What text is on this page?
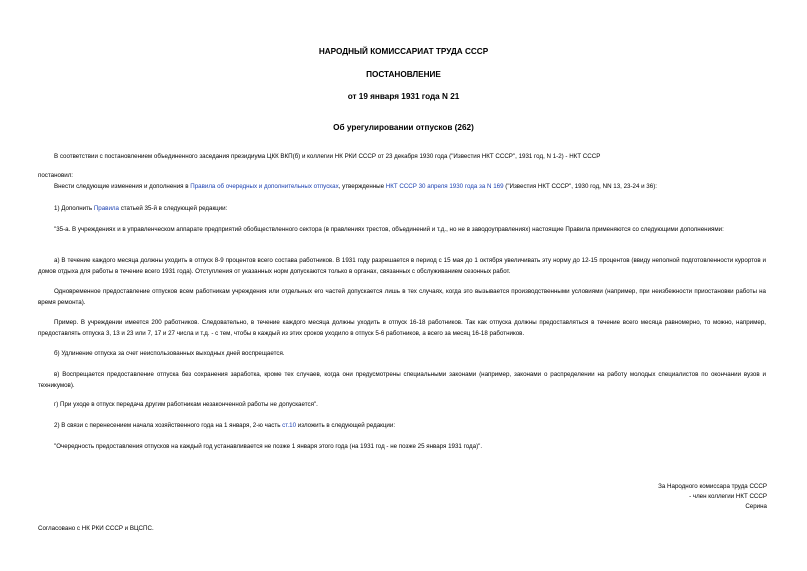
НАРОДНЫЙ КОМИССАРИАТ ТРУДА СССР
ПОСТАНОВЛЕНИЕ
от 19 января 1931 года N 21
Об урегулировании отпусков (262)
В соответствии с постановлением объединенного заседания президиума ЦКК ВКП(б) и коллегии НК РКИ СССР от 23 декабря 1930 года ("Известия НКТ СССР", 1931 год, N 1-2) - НКТ СССР
постановил:
Внести следующие изменения и дополнения в Правила об очередных и дополнительных отпусках, утвержденные НКТ СССР 30 апреля 1930 года за N 169 ("Известия НКТ СССР", 1930 год, NN 13, 23-24 и 36):
1) Дополнить Правила статьей 35-й в следующей редакции:
"35-а. В учреждениях и в управленческом аппарате предприятий обобществленного сектора (в правлениях трестов, объединений и т.д., но не в заводоуправлениях) настоящие Правила применяются со следующими дополнениями:
а) В течение каждого месяца должны уходить в отпуск 8-9 процентов всего состава работников. В 1931 году разрешается в период с 15 мая до 1 октября увеличивать эту норму до 12-15 процентов (ввиду неполной подготовленности курортов и домов отдыха для работы в течение всего 1931 года). Отступления от указанных норм допускаются только в органах, связанных с обслуживанием сезонных работ.
Одновременное предоставление отпусков всем работникам учреждения или отдельных его частей допускается лишь в тех случаях, когда это вызывается производственными условиями (например, при неизбежности приостановки работы на время ремонта).
Пример. В учреждении имеется 200 работников. Следовательно, в течение каждого месяца должны уходить в отпуск 16-18 работников. Так как отпуска должны предоставляться в течение всего месяца равномерно, то можно, например, предоставлять отпуска 3, 13 и 23 или 7, 17 и 27 числа и т.д. - с тем, чтобы в каждый из этих сроков уходило в отпуск 5-6 работников, а всего за месяц 16-18 работников.
б) Удлинение отпуска за счет неиспользованных выходных дней воспрещается.
в) Воспрещается предоставление отпуска без сохранения заработка, кроме тех случаев, когда они предусмотрены специальными законами (например, законами о распределении на работу молодых специалистов по окончании вузов и техникумов).
г) При уходе в отпуск передача другим работникам незаконченной работы не допускается".
2) В связи с перенесением начала хозяйственного года на 1 января, 2-ю часть ст.10 изложить в следующей редакции:
"Очередность предоставления отпусков на каждый год устанавливается не позже 1 января этого года (на 1931 год - не позже 25 января 1931 года)".
За Народного комиссара труда СССР
- член коллегии НКТ СССР
Серина
Согласовано с НК РКИ СССР и ВЦСПС.
